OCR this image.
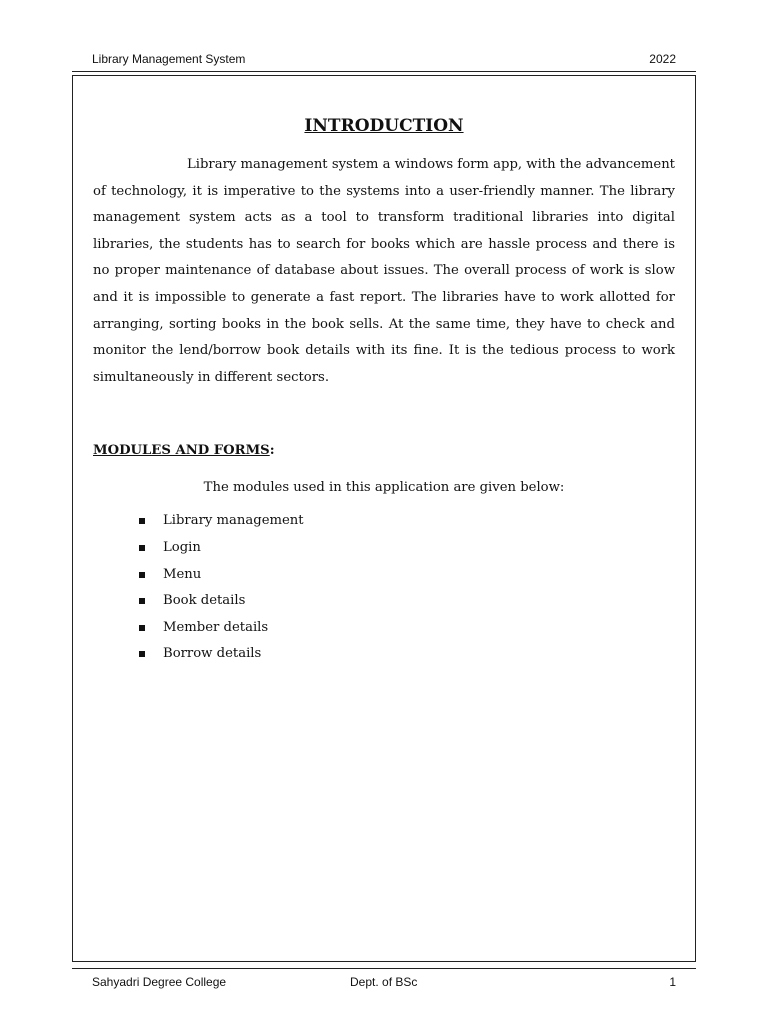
Library Management System	2022
INTRODUCTION

Library management system a windows form app, with the advancement of technology, it is imperative to the systems into a user-friendly manner. The library management system acts as a tool to transform traditional libraries into digital libraries, the students has to search for books which are hassle process and there is no proper maintenance of database about issues. The overall process of work is slow and it is impossible to generate a fast report. The libraries have to work allotted for arranging, sorting books in the book sells. At the same time, they have to check and monitor the lend/borrow book details with its fine. It is the tedious process to work simultaneously in different sectors.

MODULES AND FORMS:
The modules used in this application are given below:
Library management
Login
Menu
Book details
Member details
Borrow details
Sahyadri Degree College	Dept. of BSc	1
